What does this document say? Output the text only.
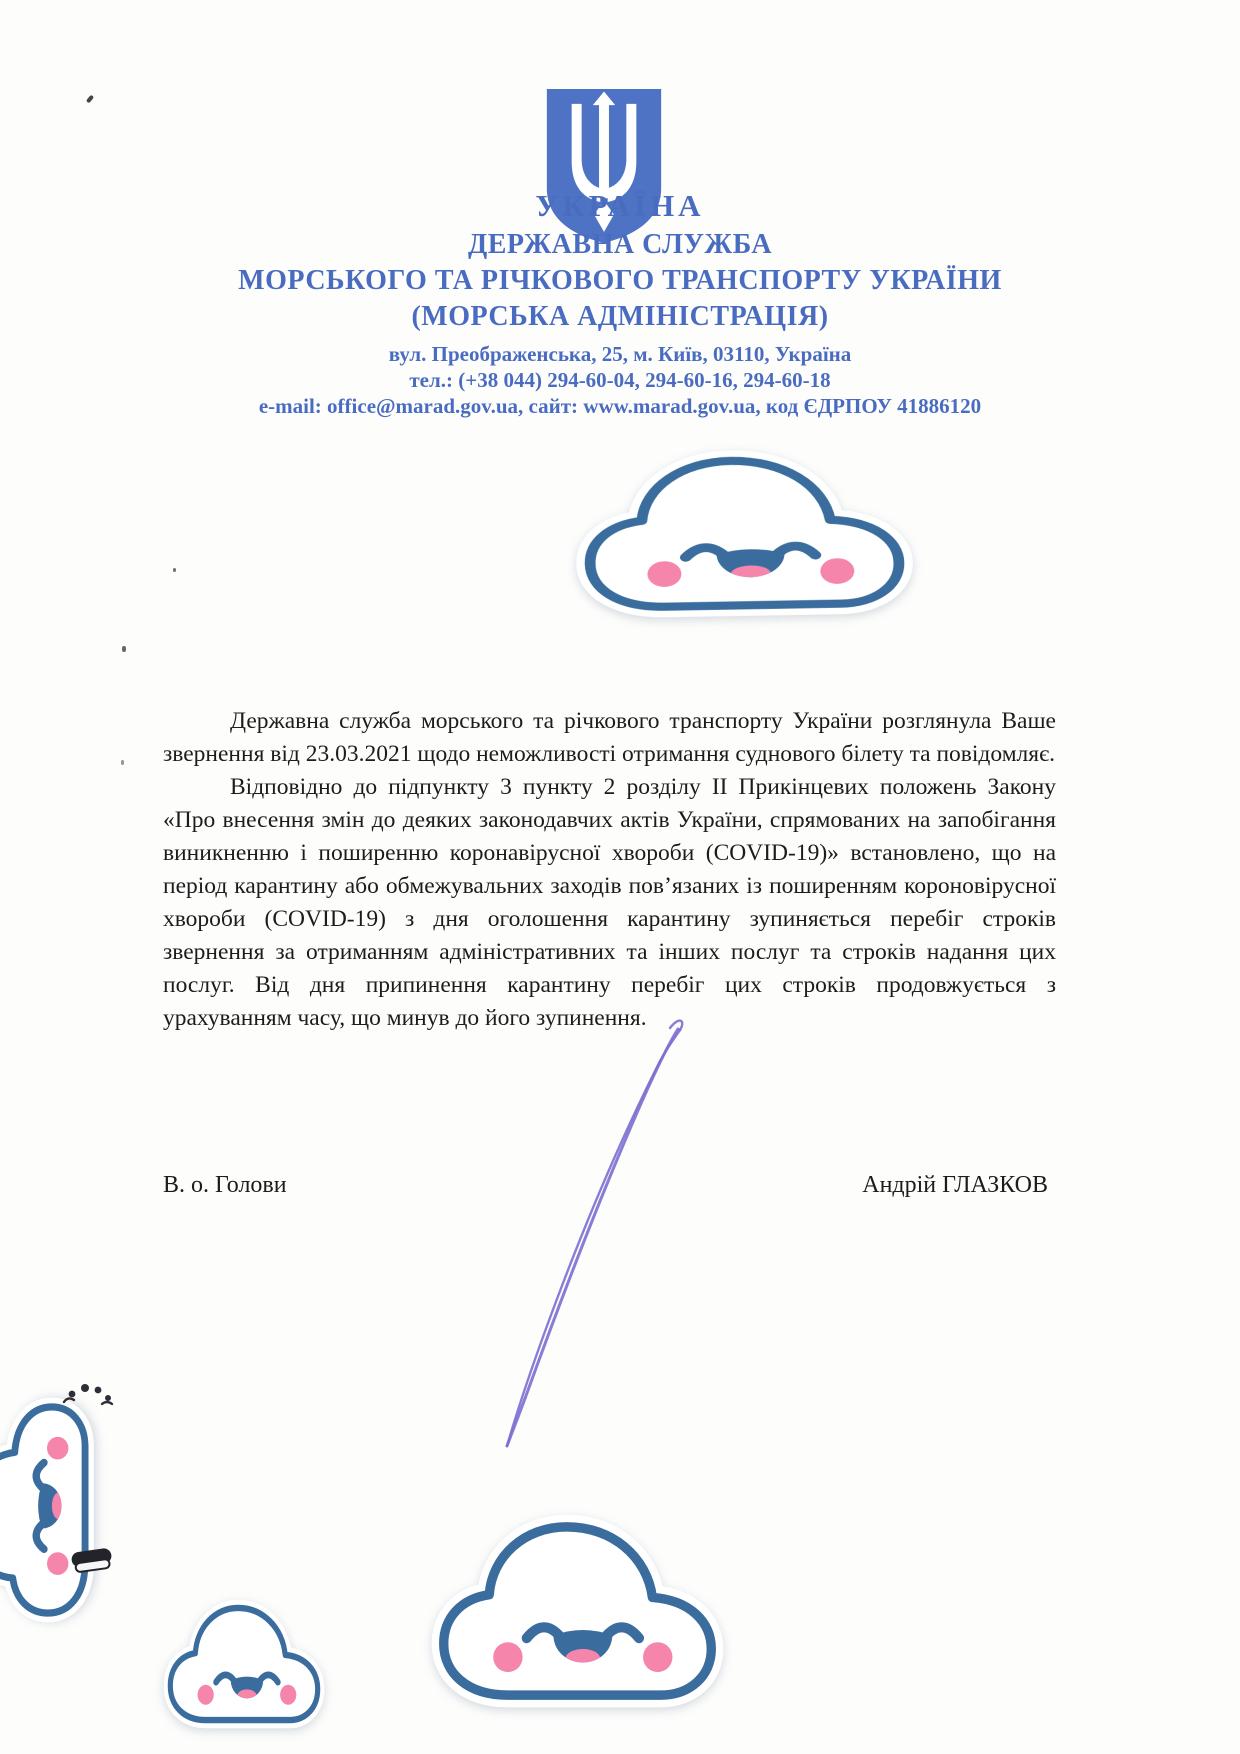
УКРАЇНА
ДЕРЖАВНА СЛУЖБА
МОРСЬКОГО ТА РІЧКОВОГО ТРАНСПОРТУ УКРАЇНИ
(МОРСЬКА АДМІНІСТРАЦІЯ)
вул. Преображенська, 25, м. Київ, 03110, Україна
тел.: (+38 044) 294-60-04, 294-60-16, 294-60-18
e-mail: office@marad.gov.ua, сайт: www.marad.gov.ua, код ЄДРПОУ 41886120

Державна служба морського та річкового транспорту України розглянула Ваше звернення від 23.03.2021 щодо неможливості отримання суднового білету та повідомляє.

Відповідно до підпункту 3 пункту 2 розділу II Прикінцевих положень Закону «Про внесення змін до деяких законодавчих актів України, спрямованих на запобігання виникненню і поширенню коронавірусної хвороби (COVID-19)» встановлено, що на період карантину або обмежувальних заходів пов’язаних із поширенням короновірусної хвороби (COVID-19) з дня оголошення карантину зупиняється перебіг строків звернення за отриманням адміністративних та інших послуг та строків надання цих послуг. Від дня припинення карантину перебіг цих строків продовжується з урахуванням часу, що минув до його зупинення.

В. о. Голови	Андрій ГЛАЗКОВ
